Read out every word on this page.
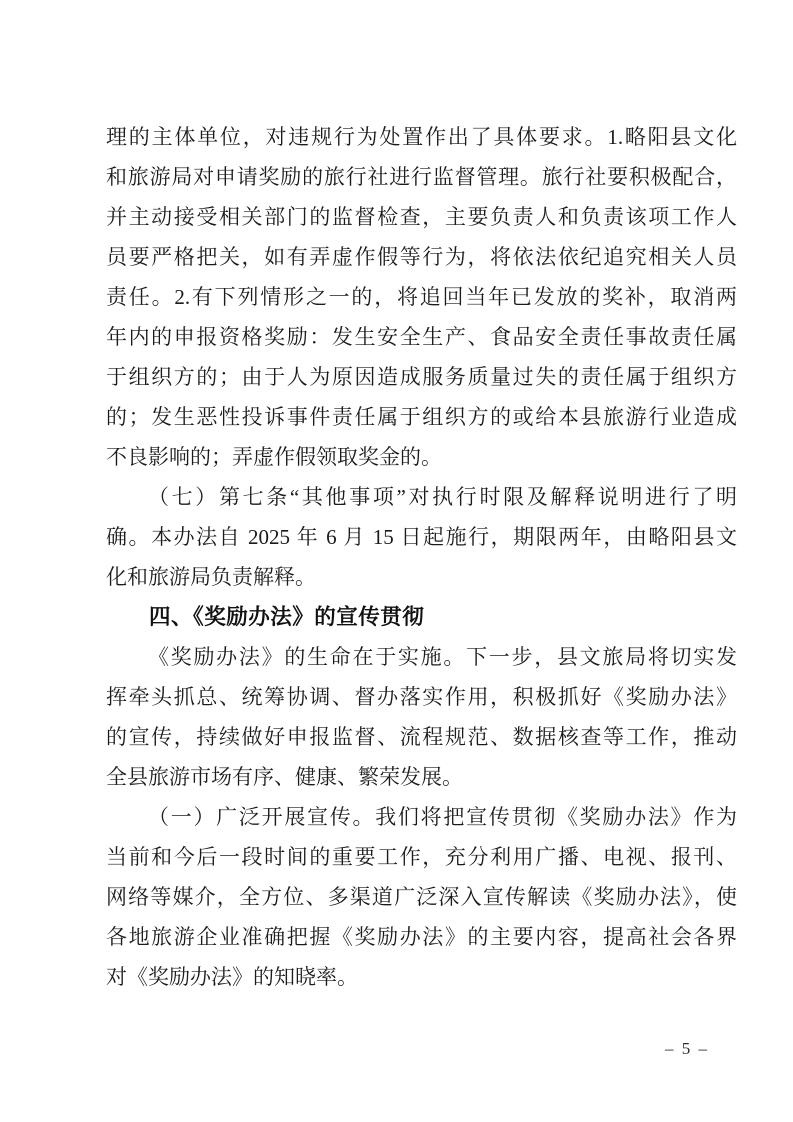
理的主体单位，对违规行为处置作出了具体要求。1.略阳县文化
和旅游局对申请奖励的旅行社进行监督管理。旅行社要积极配合，
并主动接受相关部门的监督检查，主要负责人和负责该项工作人
员要严格把关，如有弄虚作假等行为，将依法依纪追究相关人员
责任。2.有下列情形之一的，将追回当年已发放的奖补，取消两
年内的申报资格奖励：发生安全生产、食品安全责任事故责任属
于组织方的；由于人为原因造成服务质量过失的责任属于组织方
的；发生恶性投诉事件责任属于组织方的或给本县旅游行业造成
不良影响的；弄虚作假领取奖金的。
（七）第七条“其他事项”对执行时限及解释说明进行了明
确。本办法自 2025 年 6 月 15 日起施行，期限两年，由略阳县文
化和旅游局负责解释。
四、《奖励办法》的宣传贯彻
《奖励办法》的生命在于实施。下一步，县文旅局将切实发
挥牵头抓总、统筹协调、督办落实作用，积极抓好《奖励办法》
的宣传，持续做好申报监督、流程规范、数据核查等工作，推动
全县旅游市场有序、健康、繁荣发展。
（一）广泛开展宣传。我们将把宣传贯彻《奖励办法》作为
当前和今后一段时间的重要工作，充分利用广播、电视、报刊、
网络等媒介，全方位、多渠道广泛深入宣传解读《奖励办法》，使
各地旅游企业准确把握《奖励办法》的主要内容，提高社会各界
对《奖励办法》的知晓率。
– 5 –
